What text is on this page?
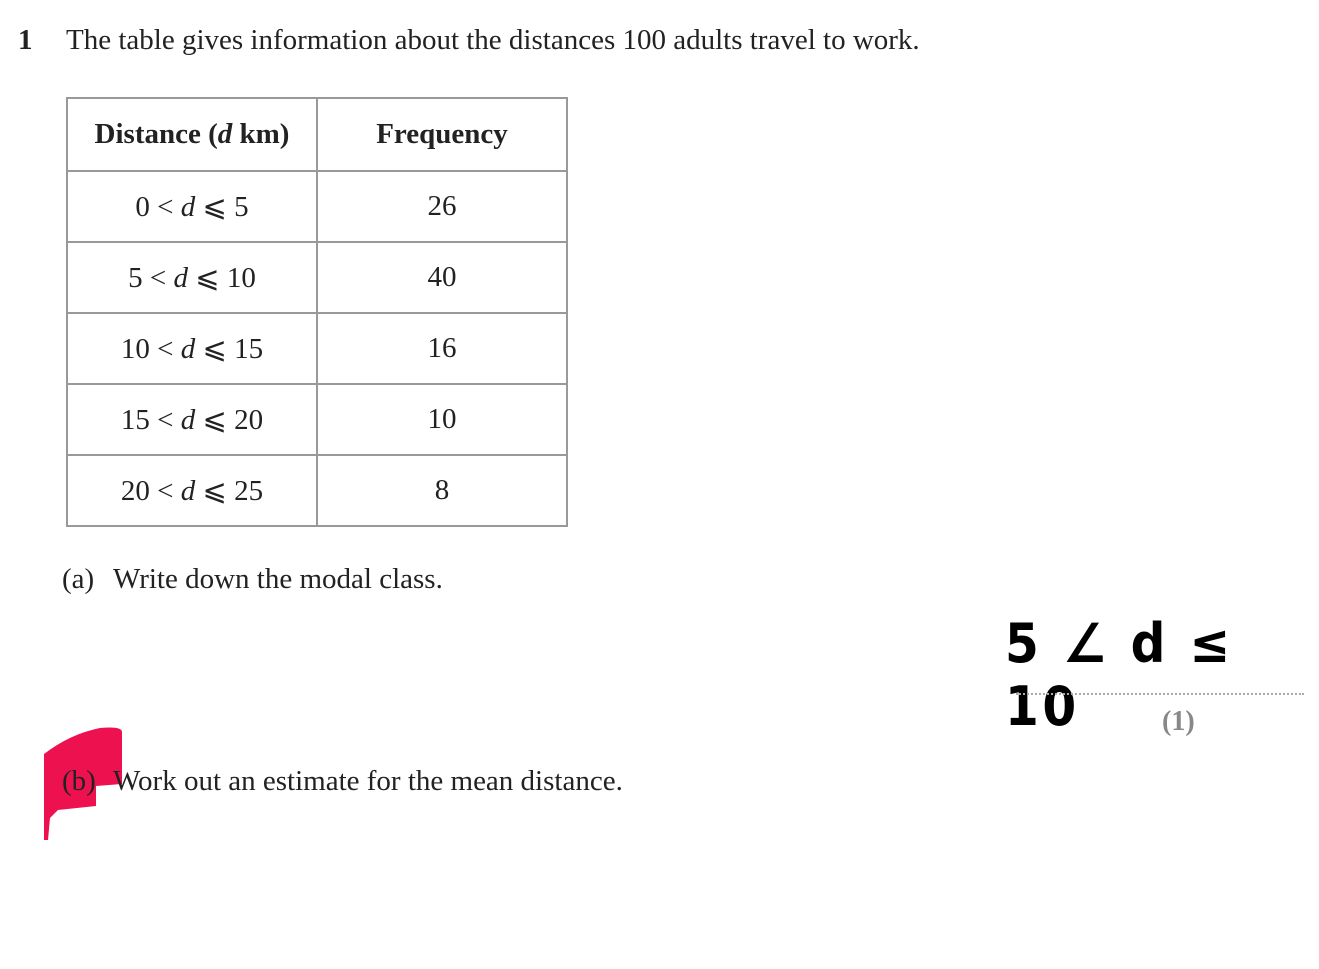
1 The table gives information about the distances 100 adults travel to work.
Distance (d km)	Frequency
0 < d ⩽ 5	26
5 < d ⩽ 10	40
10 < d ⩽ 15	16
15 < d ⩽ 20	10
20 < d ⩽ 25	8
(a) Write down the modal class.
5 ∠ d ≤ 10	(1)
(b) Work out an estimate for the mean distance.
